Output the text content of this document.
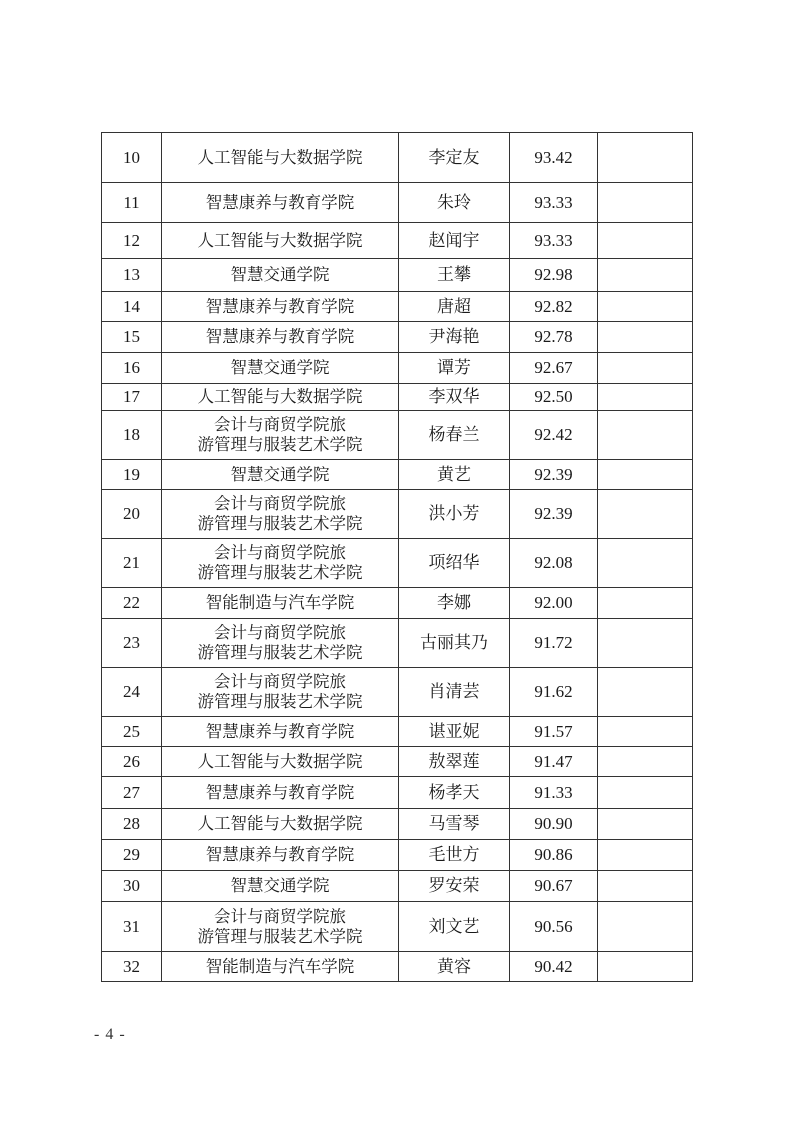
10	人工智能与大数据学院	李定友	93.42	
11	智慧康养与教育学院	朱玲	93.33	
12	人工智能与大数据学院	赵闻宇	93.33	
13	智慧交通学院	王攀	92.98	
14	智慧康养与教育学院	唐超	92.82	
15	智慧康养与教育学院	尹海艳	92.78	
16	智慧交通学院	谭芳	92.67	
17	人工智能与大数据学院	李双华	92.50	
18	会计与商贸学院旅
游管理与服装艺术学院	杨春兰	92.42	
19	智慧交通学院	黄艺	92.39	
20	会计与商贸学院旅
游管理与服装艺术学院	洪小芳	92.39	
21	会计与商贸学院旅
游管理与服装艺术学院	项绍华	92.08	
22	智能制造与汽车学院	李娜	92.00	
23	会计与商贸学院旅
游管理与服装艺术学院	古丽其乃	91.72	
24	会计与商贸学院旅
游管理与服装艺术学院	肖清芸	91.62	
25	智慧康养与教育学院	谌亚妮	91.57	
26	人工智能与大数据学院	敖翠莲	91.47	
27	智慧康养与教育学院	杨孝天	91.33	
28	人工智能与大数据学院	马雪琴	90.90	
29	智慧康养与教育学院	毛世方	90.86	
30	智慧交通学院	罗安荣	90.67	
31	会计与商贸学院旅
游管理与服装艺术学院	刘文艺	90.56	
32	智能制造与汽车学院	黄容	90.42	
- 4 -
